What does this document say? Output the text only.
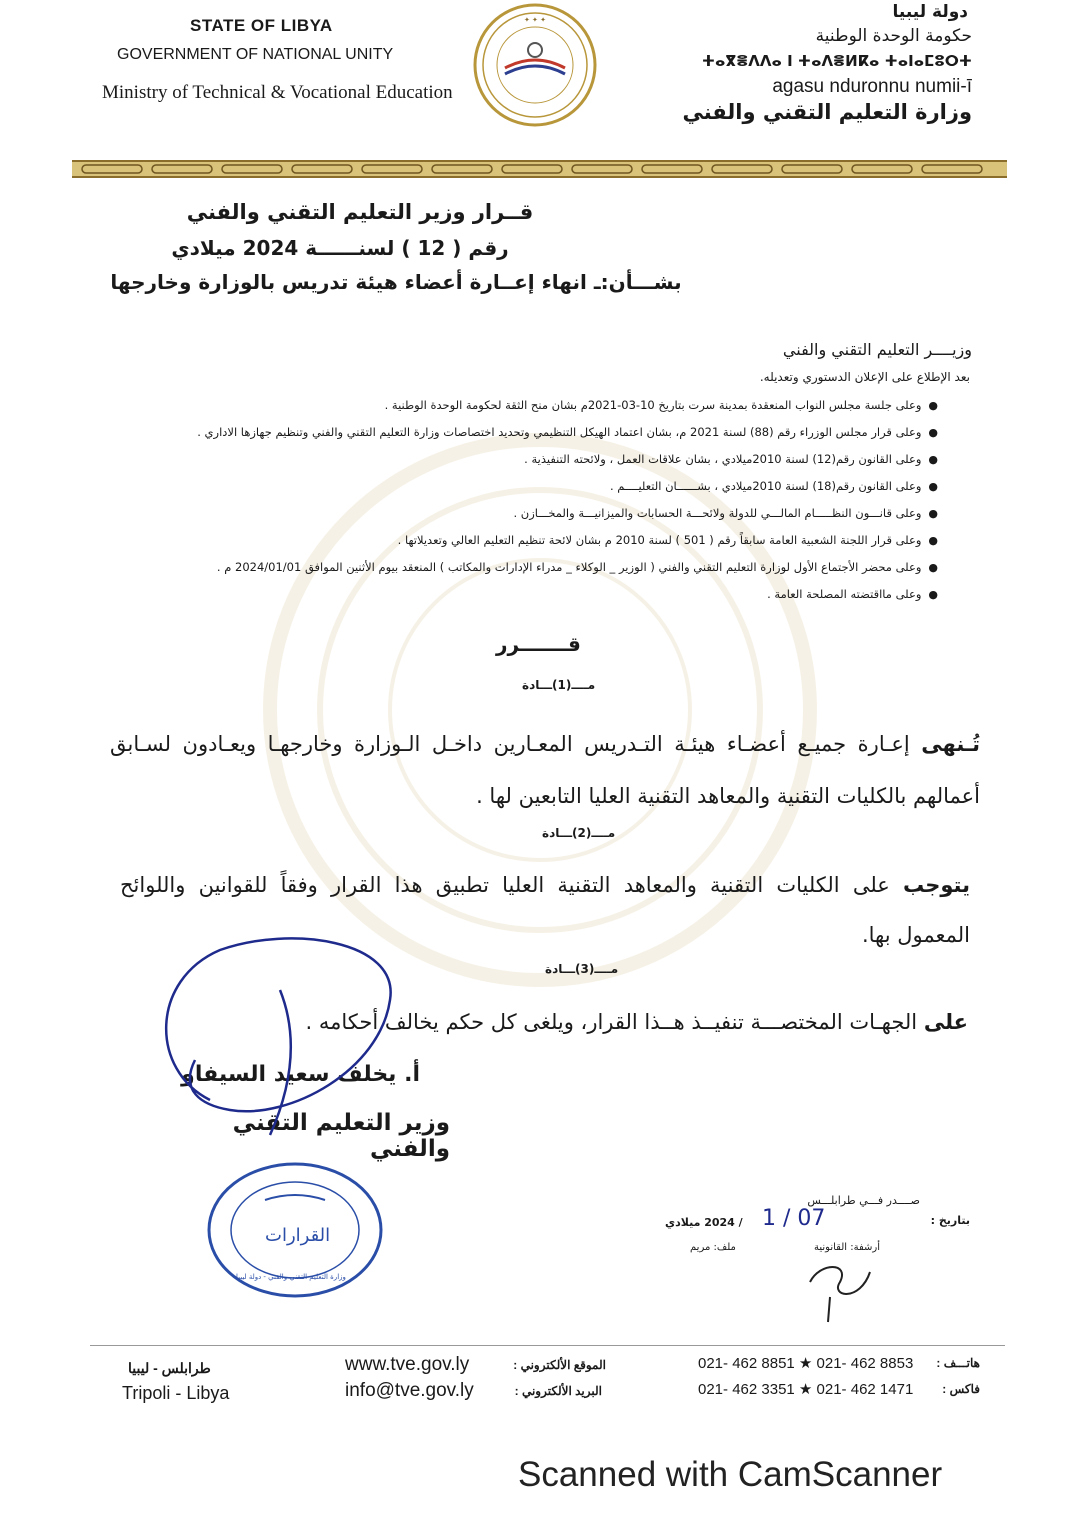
STATE OF LIBYA
GOVERNMENT OF NATIONAL UNITY
Ministry of Technical & Vocational Education
✦ ✦ ✦	دولة ليبيا
حكومة الوحدة الوطنية
ⵜⴰⴳⴻⴷⴷⴰ ⵏ ⵜⴰⴷⴻⵍⴽⴰ ⵜⴰⵏⴰⵎⵓⵔⵜ
agasu nduronnu numii-ī
وزارة التعليم التقني والفني
قــرار وزير التعليم التقني والفني
رقم ( 12 ) لسنــــــة 2024 ميلادي
بشـــأن:ـ انهاء إعــارة أعضاء هيئة تدريس بالوزارة وخارجها
وزيــــر التعليم التقني والفني
بعد الإطلاع على الإعلان الدستوري وتعديله.
●  وعلى جلسة مجلس النواب المنعقدة بمدينة سرت بتاريخ 10-03-2021م بشان منح الثقة لحكومة الوحدة الوطنية .
●  وعلى قرار مجلس الوزراء رقم (88) لسنة 2021 م، بشان اعتماد الهيكل التنظيمي وتحديد اختصاصات وزارة التعليم التقني والفني وتنظيم جهازها الاداري .
●  وعلى القانون رقم(12) لسنة 2010ميلادي ، بشان علاقات العمل ، ولائحته التنفيذية .
●  وعلى القانون رقم(18) لسنة 2010ميلادي ، بشــــــان التعليــــم .
●  وعلى قانـــون النظـــــام المالـــي للدولة ولائحـــة الحسابات والميزانيـــة والمخـــازن .
●  وعلى قرار اللجنة الشعبية العامة سابقاً رقم ( 501 ) لسنة 2010 م بشان لائحة تنظيم التعليم العالي وتعديلاتها .
●  وعلى محضر الأجتماع الأول لوزارة التعليم التقني والفني ( الوزير _ الوكلاء _ مدراء الإدارات والمكاتب ) المنعقد بيوم الأثنين الموافق 2024/01/01 م .
●  وعلى مااقتضته المصلحة العامة .
قـــــــرر
مــــ(1)ـــادة
تُـنهى إعـارة جميـع أعضـاء هيئـة التـدريس المعـارين داخـل الـوزارة وخارجهـا ويعـادون لسـابق أعمالهم بالكليات التقنية والمعاهد التقنية العليا التابعين لها .
مــــ(2)ـــادة
يتوجب على الكليات التقنية والمعاهد التقنية العليا تطبيق هذا القرار وفقاً للقوانين واللوائح المعمول بها.
مــــ(3)ـــادة
على الجهـات المختصـــة تنفيــذ هــذا القرار، ويلغى كل حكم يخالف أحكامه .
أ. يخلف سعيد السيفاو
وزير التعليم التقني والفني
القرارات
وزارة التعليم التقني والفني - دولة ليبيا
صــــدر فـــي طرابلـــس
بتاريخ :
1 / 07
/ 2024 ميلادي
أرشفة: القانونية
ملف: مريم
طرابلس - ليبيا
Tripoli - Libya
www.tve.gov.ly	الموقع الألكتروني :
info@tve.gov.ly	البريد الألكتروني :
021- 462 8851 ★ 021- 462 8853 هاتـــف :
021- 462 3351 ★ 021- 462 1471 فاكس :
Scanned with CamScanner
